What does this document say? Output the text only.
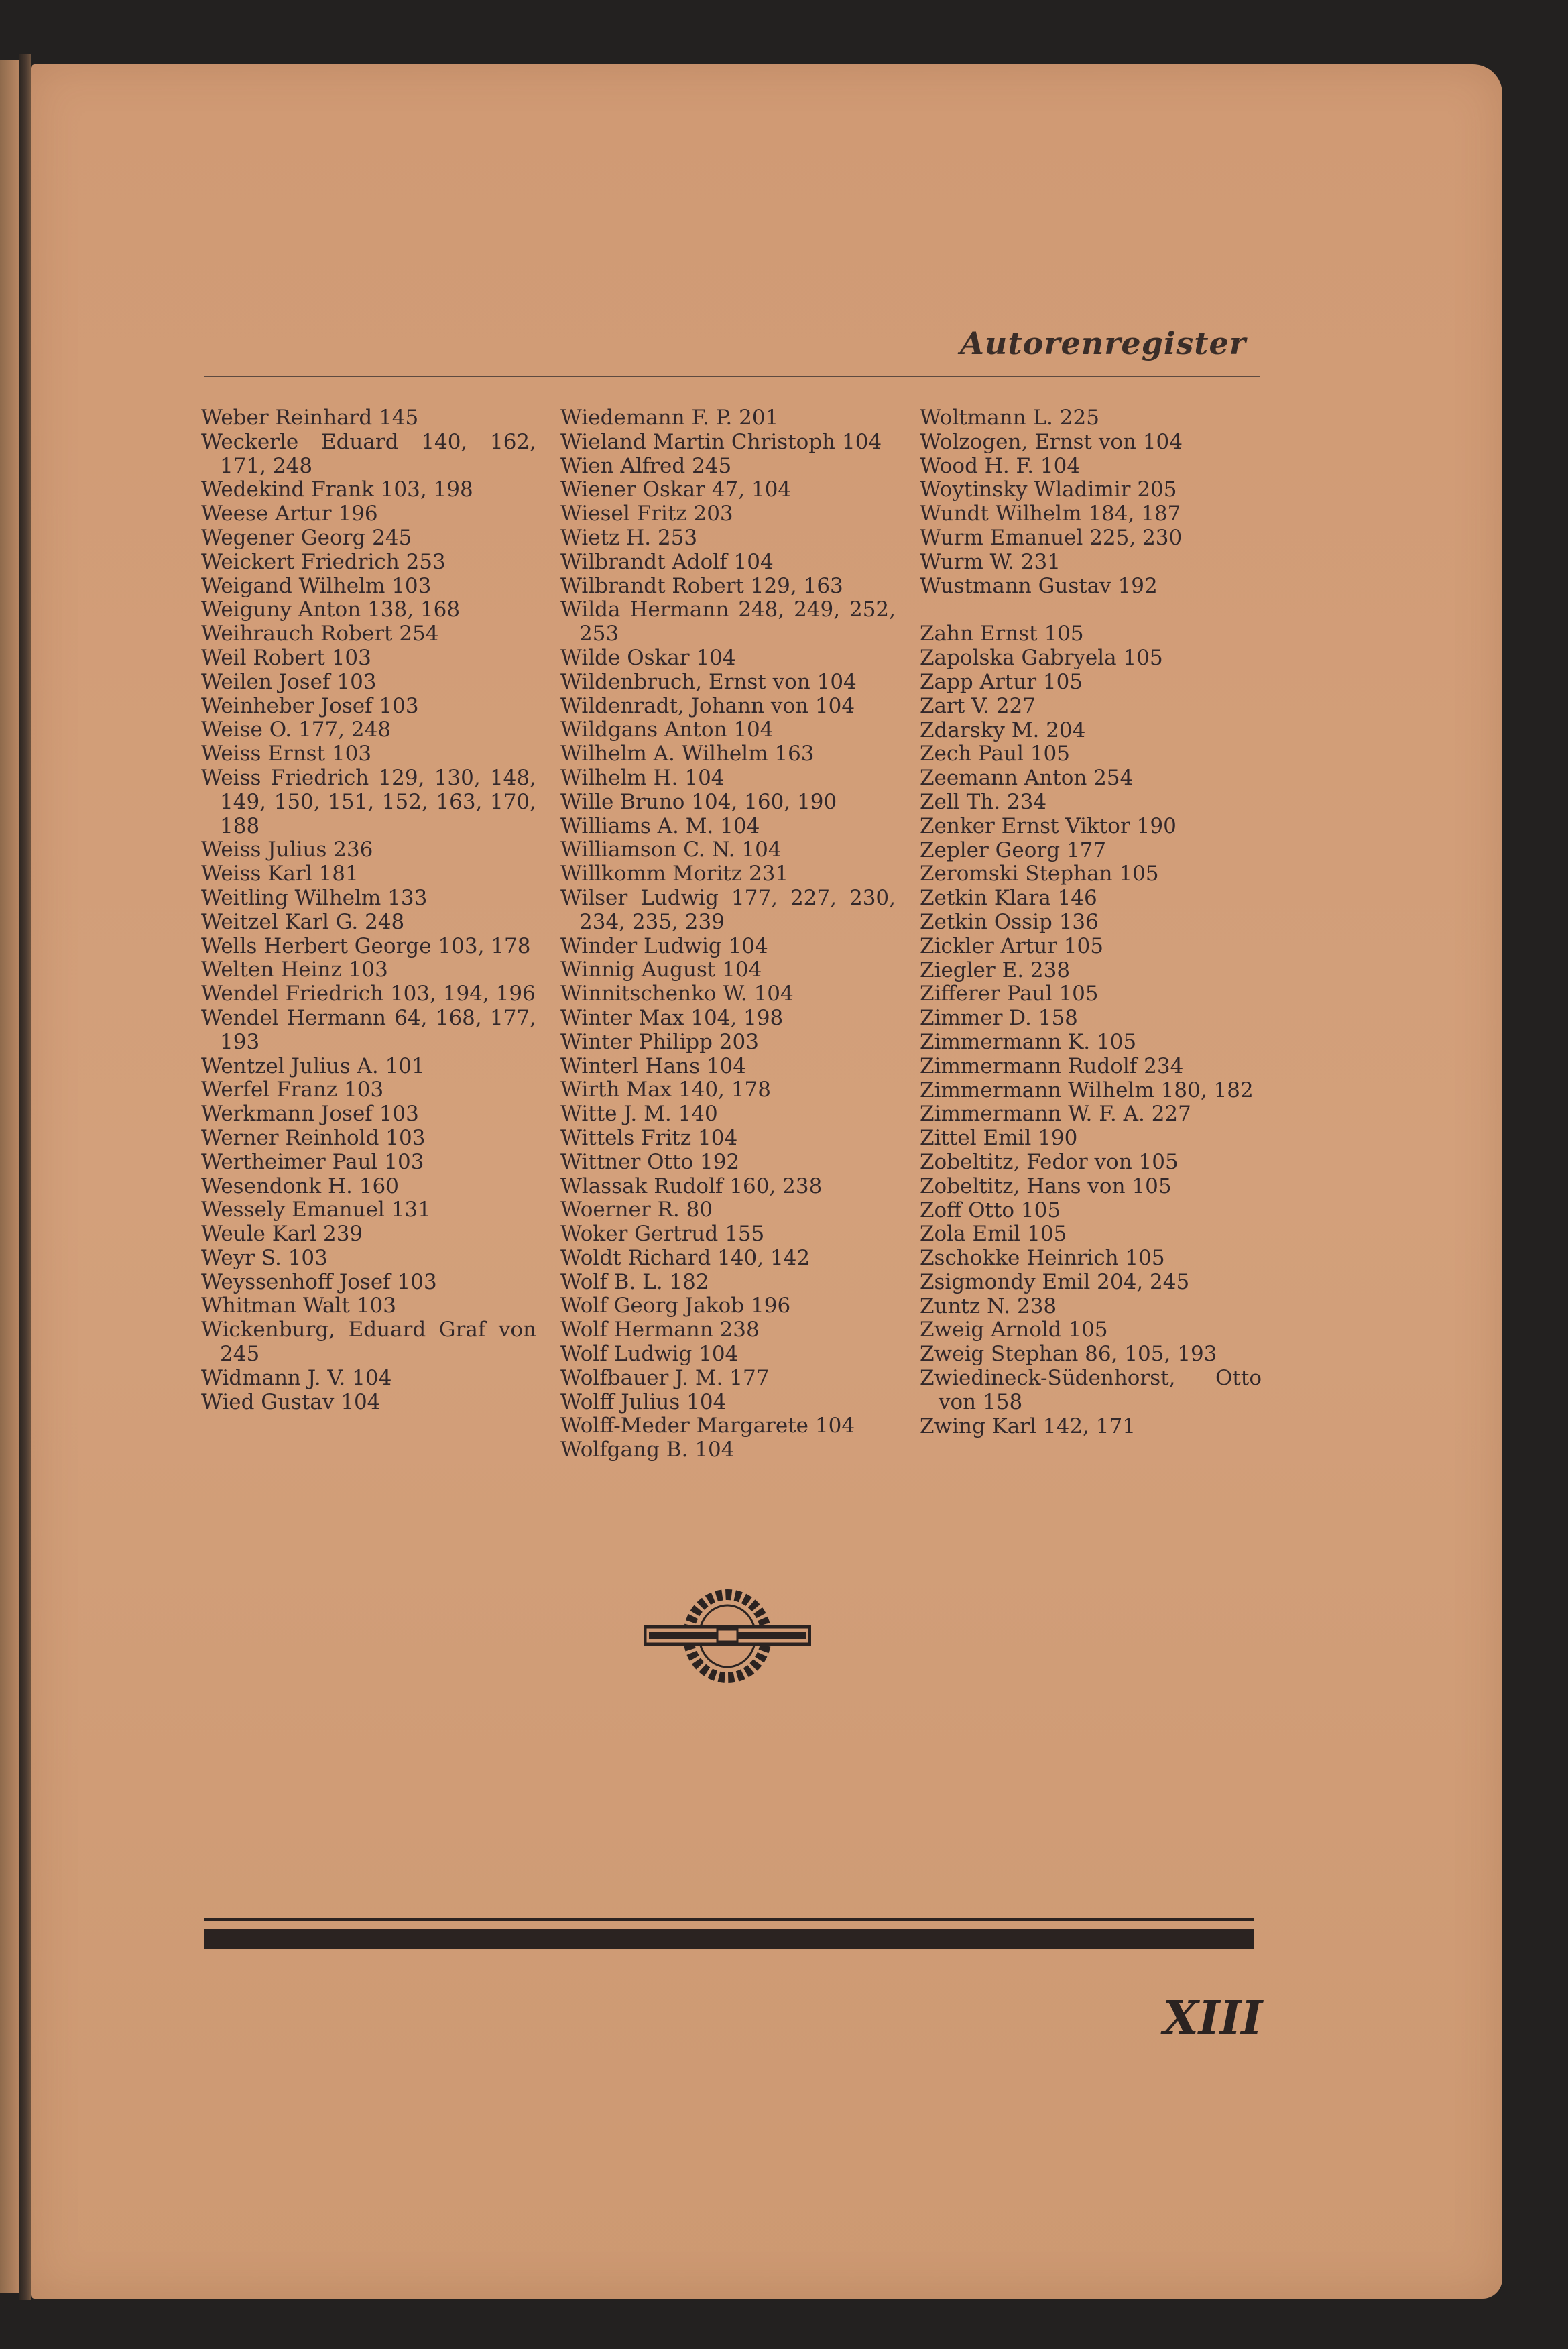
Autorenregister
Weber Reinhard 145
Weckerle Eduard 140, 162, 171, 248
Wedekind Frank 103, 198
Weese Artur 196
Wegener Georg 245
Weickert Friedrich 253
Weigand Wilhelm 103
Weiguny Anton 138, 168
Weihrauch Robert 254
Weil Robert 103
Weilen Josef 103
Weinheber Josef 103
Weise O. 177, 248
Weiss Ernst 103
Weiss Friedrich 129, 130, 148, 149, 150, 151, 152, 163, 170, 188
Weiss Julius 236
Weiss Karl 181
Weitling Wilhelm 133
Weitzel Karl G. 248
Wells Herbert George 103, 178
Welten Heinz 103
Wendel Friedrich 103, 194, 196
Wendel Hermann 64, 168, 177, 193
Wentzel Julius A. 101
Werfel Franz 103
Werkmann Josef 103
Werner Reinhold 103
Wertheimer Paul 103
Wesendonk H. 160
Wessely Emanuel 131
Weule Karl 239
Weyr S. 103
Weyssenhoff Josef 103
Whitman Walt 103
Wickenburg, Eduard Graf von 245
Widmann J. V. 104
Wied Gustav 104
Wiedemann F. P. 201
Wieland Martin Christoph 104
Wien Alfred 245
Wiener Oskar 47, 104
Wiesel Fritz 203
Wietz H. 253
Wilbrandt Adolf 104
Wilbrandt Robert 129, 163
Wilda Hermann 248, 249, 252, 253
Wilde Oskar 104
Wildenbruch, Ernst von 104
Wildenradt, Johann von 104
Wildgans Anton 104
Wilhelm A. Wilhelm 163
Wilhelm H. 104
Wille Bruno 104, 160, 190
Williams A. M. 104
Williamson C. N. 104
Willkomm Moritz 231
Wilser Ludwig 177, 227, 230, 234, 235, 239
Winder Ludwig 104
Winnig August 104
Winnitschenko W. 104
Winter Max 104, 198
Winter Philipp 203
Winterl Hans 104
Wirth Max 140, 178
Witte J. M. 140
Wittels Fritz 104
Wittner Otto 192
Wlassak Rudolf 160, 238
Woerner R. 80
Woker Gertrud 155
Woldt Richard 140, 142
Wolf B. L. 182
Wolf Georg Jakob 196
Wolf Hermann 238
Wolf Ludwig 104
Wolfbauer J. M. 177
Wolff Julius 104
Wolff-Meder Margarete 104
Wolfgang B. 104
Woltmann L. 225
Wolzogen, Ernst von 104
Wood H. F. 104
Woytinsky Wladimir 205
Wundt Wilhelm 184, 187
Wurm Emanuel 225, 230
Wurm W. 231
Wustmann Gustav 192
Zahn Ernst 105
Zapolska Gabryela 105
Zapp Artur 105
Zart V. 227
Zdarsky M. 204
Zech Paul 105
Zeemann Anton 254
Zell Th. 234
Zenker Ernst Viktor 190
Zepler Georg 177
Zeromski Stephan 105
Zetkin Klara 146
Zetkin Ossip 136
Zickler Artur 105
Ziegler E. 238
Zifferer Paul 105
Zimmer D. 158
Zimmermann K. 105
Zimmermann Rudolf 234
Zimmermann Wilhelm 180, 182
Zimmermann W. F. A. 227
Zittel Emil 190
Zobeltitz, Fedor von 105
Zobeltitz, Hans von 105
Zoff Otto 105
Zola Emil 105
Zschokke Heinrich 105
Zsigmondy Emil 204, 245
Zuntz N. 238
Zweig Arnold 105
Zweig Stephan 86, 105, 193
Zwiedineck-Südenhorst, Otto von 158
Zwing Karl 142, 171
XIII
